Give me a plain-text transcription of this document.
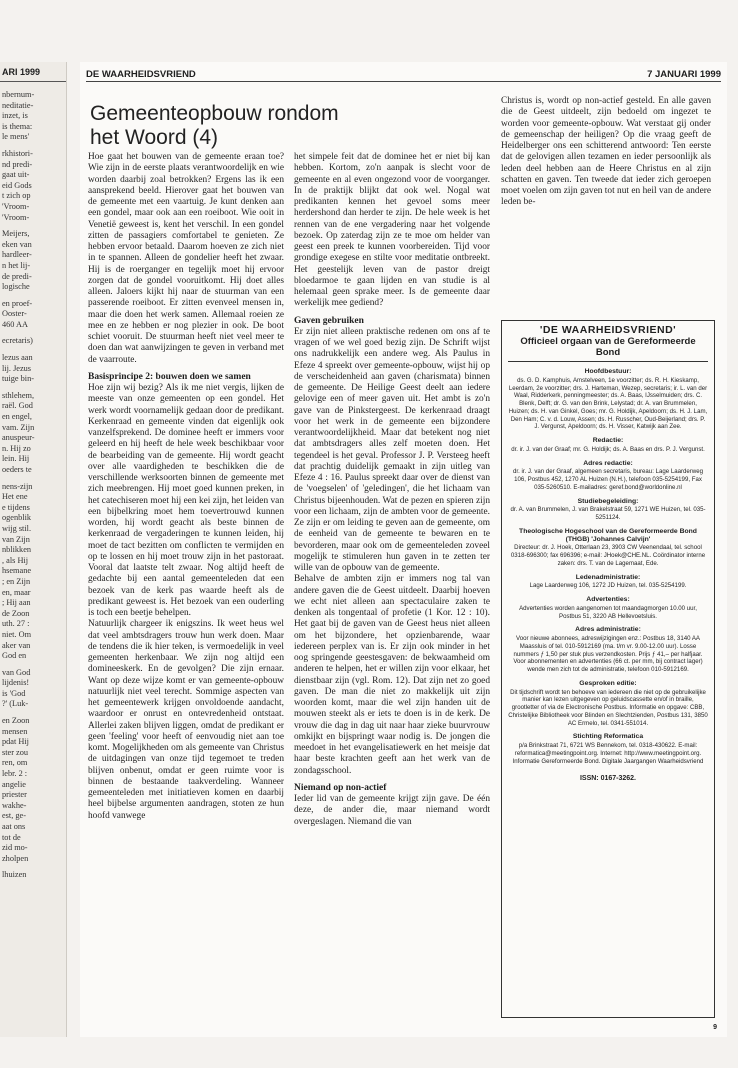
ARI 1999

nbernum-
neditatie-
inzet, is
is thema:
le mens'

rkhistori-
nd predi-
gaat uit-
eid Gods
t zich op
'Vroom-
'Vroom-

Meijers,
eken van
hardleer-
n het lij-
de predi-
logische

en proef-
Ooster-
460 AA

ecretaris)

lezus aan
lij. Jezus
tuige bin-

sthlehem,
raël. God
en engel,
vam. Zijn
anuspeur-
n. Hij zo
lein. Hij
oeders te

nens-zijn
Het ene
e tijdens
ogenblik
wijg stil.
van Zijn
nblikken
, als Hij
hsemane
; en Zijn
en, maar
; Hij aan
de Zoon
uth. 27 :
niet. Om
aker van
God en

van God
lijdenis!
is 'God
?' (Luk-

en Zoon
mensen
pdat Hij
ster zou
ren, om
lebr. 2 :
angelie
priester
wakhe-
est, ge-
aat ons
tot de
zid mo-
zholpen

lhuizen

DE WAARHEIDSVRIEND	7 JANUARI 1999
Gemeenteopbouw rondom het Woord (4)

Hoe gaat het bouwen van de gemeente eraan toe? Wie zijn in de eerste plaats verantwoordelijk en wie worden daarbij zoal betrokken? Ergens las ik een aansprekend beeld. Hierover gaat het bouwen van de gemeente met een vaartuig. Je kunt denken aan een gondel, maar ook aan een roeiboot. Wie ooit in Venetië geweest is, kent het verschil. In een gondel zitten de passagiers comfortabel te genieten. Ze hebben ervoor betaald. Daarom hoeven ze zich niet in te spannen. Alleen de gondelier heeft het zwaar. Hij is de roerganger en tegelijk moet hij ervoor zorgen dat de gondel vooruitkomt. Hij doet alles alleen. Jaloers kijkt hij naar de stuurman van een passerende roeiboot. Er zitten evenveel mensen in, maar die doen het werk samen. Allemaal roeien ze mee en ze hebben er nog plezier in ook. De boot schiet vooruit. De stuurman heeft niet veel meer te doen dan wat aanwijzingen te geven in verband met de vaarroute.

Basisprincipe 2: bouwen doen we samen

Hoe zijn wij bezig? Als ik me niet vergis, lijken de meeste van onze gemeenten op een gondel. Het werk wordt voornamelijk gedaan door de predikant. Kerkenraad en gemeente vinden dat eigenlijk ook vanzelfsprekend. De dominee heeft er immers voor geleerd en hij heeft de hele week beschikbaar voor de bearbeiding van de gemeente. Hij wordt geacht over alle vaardigheden te beschikken die de verschillende werksoorten binnen de gemeente met zich meebrengen. Hij moet goed kunnen preken, in het catechiseren moet hij een kei zijn, het leiden van een bijbelkring moet hem toevertrouwd kunnen worden, hij wordt geacht als beste binnen de kerkenraad de vergaderingen te kunnen leiden, hij moet de tact bezitten om conflicten te vermijden en op te lossen en hij moet trouw zijn in het pastoraat. Vooral dat laatste telt zwaar. Nog altijd heeft de gedachte bij een aantal gemeenteleden dat een bezoek van de kerk pas waarde heeft als de predikant geweest is. Het bezoek van een ouderling is toch een beetje behelpen.

Natuurlijk chargeer ik enigszins. Ik weet heus wel dat veel ambtsdragers trouw hun werk doen. Maar de tendens die ik hier teken, is vermoedelijk in veel gemeenten herkenbaar. We zijn nog altijd een domineeskerk. En de gevolgen? Die zijn ernaar. Want op deze wijze komt er van gemeente-opbouw natuurlijk niet veel terecht. Sommige aspecten van het gemeentewerk krijgen onvoldoende aandacht, waardoor er onrust en ontevredenheid ontstaat. Allerlei zaken blijven liggen, omdat de predikant er geen 'feeling' voor heeft of eenvoudig niet aan toe komt. Mogelijkheden om als gemeente van Christus de uitdagingen van onze tijd tegemoet te treden blijven onbenut, omdat er geen ruimte voor is binnen de bestaande taakverdeling. Wanneer gemeenteleden met initiatieven komen en daarbij heel bijbelse argumenten aandragen, stoten ze hun hoofd vanwege

het simpele feit dat de dominee het er niet bij kan hebben. Kortom, zo'n aanpak is slecht voor de gemeente en al even ongezond voor de voorganger. In de praktijk blijkt dat ook wel. Nogal wat predikanten kennen het gevoel soms meer herdershond dan herder te zijn. De hele week is het rennen van de ene vergadering naar het volgende bezoek. Op zaterdag zijn ze te moe om helder van geest een preek te kunnen voorbereiden. Tijd voor grondige exegese en stilte voor meditatie ontbreekt. Het geestelijk leven van de pastor dreigt bloedarmoe te gaan lijden en van studie is al helemaal geen sprake meer. Is de gemeente daar werkelijk mee gediend?

Gaven gebruiken

Er zijn niet alleen praktische redenen om ons af te vragen of we wel goed bezig zijn. De Schrift wijst ons nadrukkelijk een andere weg. Als Paulus in Efeze 4 spreekt over gemeente-opbouw, wijst hij op de verscheidenheid aan gaven (charismata) binnen de gemeente. De Heilige Geest deelt aan iedere gelovige een of meer gaven uit. Het ambt is zo'n gave van de Pinkstergeest. De kerkenraad draagt voor het werk in de gemeente een bijzondere verantwoordelijkheid. Maar dat betekent nog niet dat ambtsdragers alles zelf moeten doen. Het tegendeel is het geval. Professor J. P. Versteeg heeft dat prachtig duidelijk gemaakt in zijn uitleg van Efeze 4 : 16. Paulus spreekt daar over de dienst van de 'voegselen' of 'geledingen', die het lichaam van Christus bijeenhouden. Wat de pezen en spieren zijn voor een lichaam, zijn de ambten voor de gemeente. Ze zijn er om leiding te geven aan de gemeente, om de eenheid van de gemeente te bewaren en te bevorderen, maar ook om de gemeenteleden zoveel mogelijk te stimuleren hun gaven in te zetten ter wille van de opbouw van de gemeente.

Behalve de ambten zijn er immers nog tal van andere gaven die de Geest uitdeelt. Daarbij hoeven we echt niet alleen aan spectaculaire zaken te denken als tongentaal of profetie (1 Kor. 12 : 10). Het gaat bij de gaven van de Geest heus niet alleen om het bijzondere, het opzienbarende, waar iedereen perplex van is. Er zijn ook minder in het oog springende geestesgaven: de bekwaamheid om anderen te helpen, het er willen zijn voor elkaar, het dienstbaar zijn (vgl. Rom. 12). Dat zijn net zo goed gaven. De man die niet zo makkelijk uit zijn woorden komt, maar die wel zijn handen uit de mouwen steekt als er iets te doen is in de kerk. De vrouw die dag in dag uit naar haar zieke buurvrouw omkijkt en bijspringt waar nodig is. De jongen die meedoet in het evangelisatiewerk en het meisje dat haar beste krachten geeft aan het werk van de zondagsschool.

Niemand op non-actief

Ieder lid van de gemeente krijgt zijn gave. De één deze, de ander die, maar niemand wordt overgeslagen. Niemand die van

Christus is, wordt op non-actief gesteld. En alle gaven die de Geest uitdeelt, zijn bedoeld om ingezet te worden voor gemeente-opbouw. Wat verstaat gij onder de gemeenschap der heiligen? Op die vraag geeft de Heidelberger ons een schitterend antwoord: Ten eerste dat de gelovigen allen tezamen en ieder persoonlijk als leden deel hebben aan de Heere Christus en al zijn schatten en gaven. Ten tweede dat ieder zich geroepen moet voelen om zijn gaven tot nut en heil van de andere leden be-

'DE WAARHEIDSVRIEND'
Officieel orgaan van de Gereformeerde Bond
Hoofdbestuur:
ds. G. D. Kamphuis, Amstelveen, 1e voorzitter; ds. R. H. Kieskamp, Leerdam, 2e voorzitter; drs. J. Harteman, Wezep, secretaris; ir. L. van der Waal, Ridderkerk, penningmeester; ds. A. Baas, IJsselmuiden; drs. C. Blenk, Delft; dr. G. van den Brink, Lelystad; dr. A. van Brummelen, Huizen; ds. H. van Ginkel, Goes; mr. G. Holdijk, Apeldoorn; ds. H. J. Lam, Den Ham; C. v. d. Louw, Assen; ds. H. Russcher, Oud-Beijerland; drs. P. J. Vergunst, Apeldoorn; ds. H. Visser, Katwijk aan Zee.
Redactie:
dr. ir. J. van der Graaf; mr. G. Holdijk; ds. A. Baas en drs. P. J. Vergunst.
Adres redactie:
dr. ir. J. van der Graaf, algemeen secretaris, bureau: Lage Laarderweg 106, Postbus 452, 1270 AL Huizen (N.H.), telefoon 035-5254199, Fax 035-5260510. E-mailadres: geref.bond@worldonline.nl
Studiebegeleiding:
dr. A. van Brummelen, J. van Brakelstraat 59, 1271 WE Huizen, tel. 035-5251124.
Theologische Hogeschool van de Gereformeerde Bond (THGB) 'Johannes Calvijn'
Directeur: dr. J. Hoek, Otterlaan 23, 3903 CW Veenendaal, tel. school 0318-696300; fax 696396; e-mail: JHoek@CHE.NL. Coördinator interne zaken: drs. T. van de Lagemaat, Ede.
Ledenadministratie:
Lage Laarderweg 106, 1272 JD Huizen, tel. 035-5254199.
Advertenties:
Advertenties worden aangenomen tot maandagmorgen 10.00 uur, Postbus 51, 3220 AB Hellevoetsluis.
Adres administratie:
Voor nieuwe abonnees, adreswijzigingen enz.: Postbus 18, 3140 AA Maassluis of tel. 010-5912169 (ma. t/m vr. 9.00-12.00 uur). Losse nummers ƒ 1,50 per stuk plus verzendkosten. Prijs ƒ 41,– per halfjaar. Voor abonnementen en advertenties (66 ct. per mm, bij contract lager) wende men zich tot de administratie, telefoon 010-5912169.
Gesproken editie:
Dit tijdschrift wordt ten behoeve van iedereen die niet op de gebruikelijke manier kan lezen uitgegeven op geluidscassette en/of in braille, grootletter of via de Electronische Postbus. Informatie en opgave: CBB, Christelijke Bibliotheek voor Blinden en Slechtzienden, Postbus 131, 3850 AC Ermelo, tel. 0341-551014.
Stichting Reformatica
p/a Brinkstraat 71, 6721 WS Bennekom, tel. 0318-430622. E-mail: reformatica@meetingpoint.org. Internet: http://www.meetingpoint.org. Informatie Gereformeerde Bond. Digitale Jaargangen Waarheidsvriend
ISSN: 0167-3262.
9
